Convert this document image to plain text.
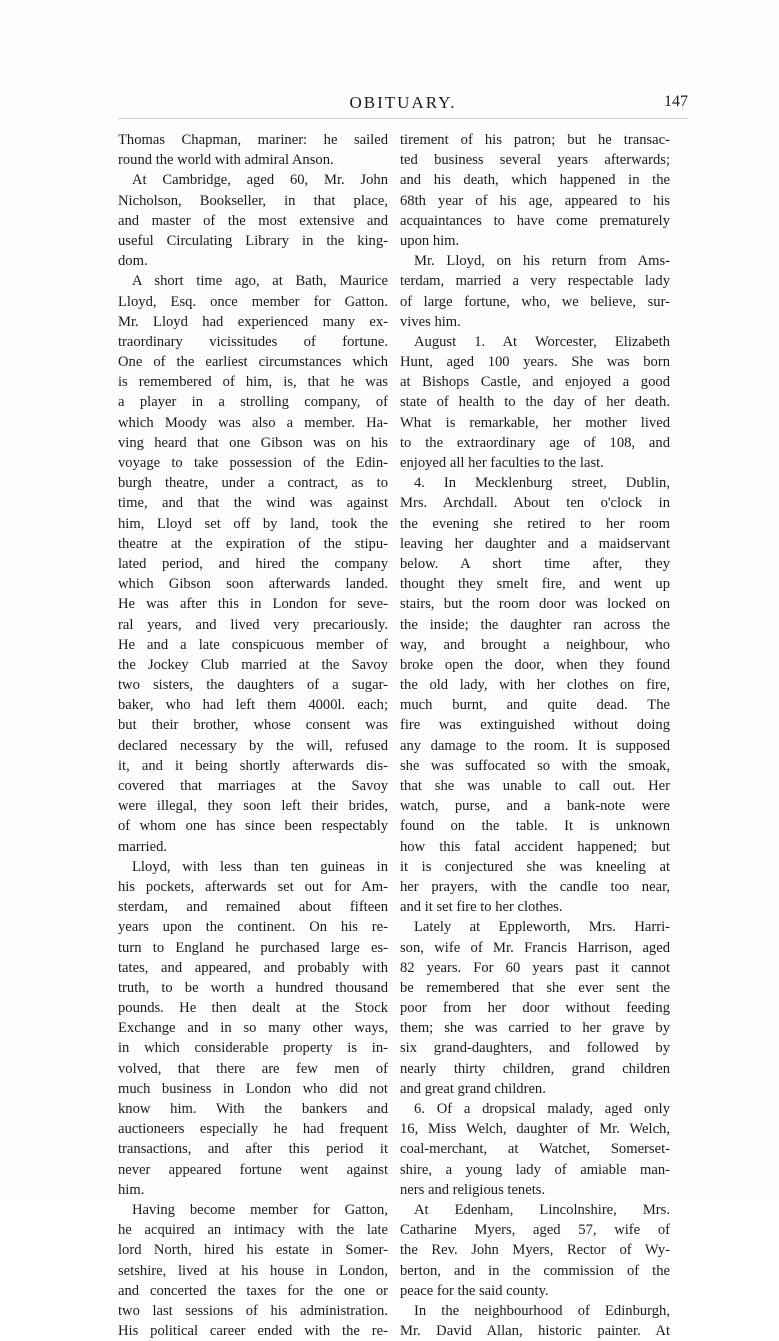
OBITUARY.	147
Thomas Chapman, mariner: he sailed
round the world with admiral Anson.
At Cambridge, aged 60, Mr. John
Nicholson, Bookseller, in that place,
and master of the most extensive and
useful Circulating Library in the king-
dom.
A short time ago, at Bath, Maurice
Lloyd, Esq. once member for Gatton.
Mr. Lloyd had experienced many ex-
traordinary vicissitudes of fortune.
One of the earliest circumstances which
is remembered of him, is, that he was
a player in a strolling company, of
which Moody was also a member. Ha-
ving heard that one Gibson was on his
voyage to take possession of the Edin-
burgh theatre, under a contract, as to
time, and that the wind was against
him, Lloyd set off by land, took the
theatre at the expiration of the stipu-
lated period, and hired the company
which Gibson soon afterwards landed.
He was after this in London for seve-
ral years, and lived very precariously.
He and a late conspicuous member of
the Jockey Club married at the Savoy
two sisters, the daughters of a sugar-
baker, who had left them 4000l. each;
but their brother, whose consent was
declared necessary by the will, refused
it, and it being shortly afterwards dis-
covered that marriages at the Savoy
were illegal, they soon left their brides,
of whom one has since been respectably
married.
Lloyd, with less than ten guineas in
his pockets, afterwards set out for Am-
sterdam, and remained about fifteen
years upon the continent. On his re-
turn to England he purchased large es-
tates, and appeared, and probably with
truth, to be worth a hundred thousand
pounds. He then dealt at the Stock
Exchange and in so many other ways,
in which considerable property is in-
volved, that there are few men of
much business in London who did not
know him. With the bankers and
auctioneers especially he had frequent
transactions, and after this period it
never appeared fortune went against
him.
Having become member for Gatton,
he acquired an intimacy with the late
lord North, hired his estate in Somer-
setshire, lived at his house in London,
and concerted the taxes for the one or
two last sessions of his administration.
His political career ended with the re-
tirement of his patron; but he transac-
ted business several years afterwards;
and his death, which happened in the
68th year of his age, appeared to his
acquaintances to have come prematurely
upon him.
Mr. Lloyd, on his return from Ams-
terdam, married a very respectable lady
of large fortune, who, we believe, sur-
vives him.
August 1. At Worcester, Elizabeth
Hunt, aged 100 years. She was born
at Bishops Castle, and enjoyed a good
state of health to the day of her death.
What is remarkable, her mother lived
to the extraordinary age of 108, and
enjoyed all her faculties to the last.
4. In Mecklenburg street, Dublin,
Mrs. Archdall. About ten o'clock in
the evening she retired to her room
leaving her daughter and a maidservant
below. A short time after, they
thought they smelt fire, and went up
stairs, but the room door was locked on
the inside; the daughter ran across the
way, and brought a neighbour, who
broke open the door, when they found
the old lady, with her clothes on fire,
much burnt, and quite dead. The
fire was extinguished without doing
any damage to the room. It is supposed
she was suffocated so with the smoak,
that she was unable to call out. Her
watch, purse, and a bank-note were
found on the table. It is unknown
how this fatal accident happened; but
it is conjectured she was kneeling at
her prayers, with the candle too near,
and it set fire to her clothes.
Lately at Eppleworth, Mrs. Harri-
son, wife of Mr. Francis Harrison, aged
82 years. For 60 years past it cannot
be remembered that she ever sent the
poor from her door without feeding
them; she was carried to her grave by
six grand-daughters, and followed by
nearly thirty children, grand children
and great grand children.
6. Of a dropsical malady, aged only
16, Miss Welch, daughter of Mr. Welch,
coal-merchant, at Watchet, Somerset-
shire, a young lady of amiable man-
ners and religious tenets.
At Edenham, Lincolnshire, Mrs.
Catharine Myers, aged 57, wife of
the Rev. John Myers, Rector of Wy-
berton, and in the commission of the
peace for the said county.
In the neighbourhood of Edinburgh,
Mr. David Allan, historic painter. At
